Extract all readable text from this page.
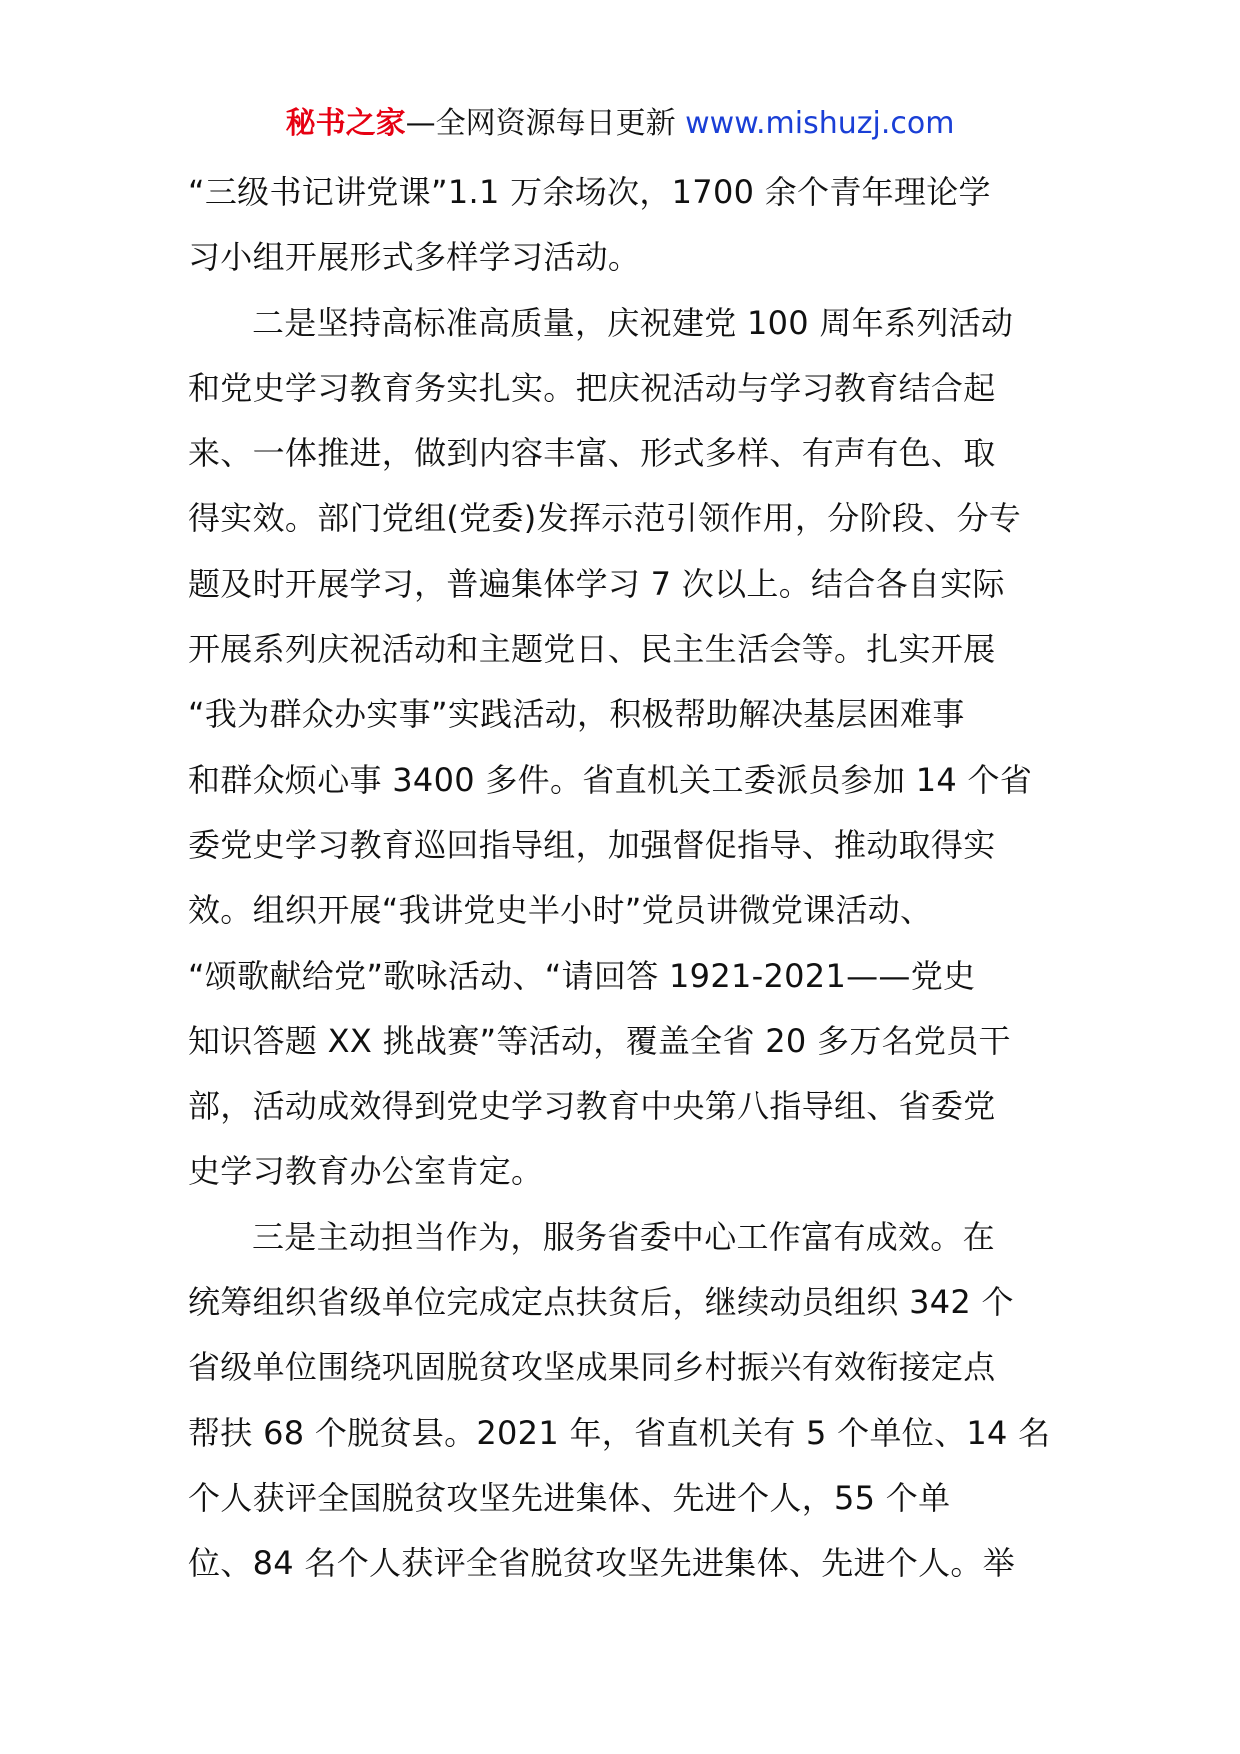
秘书之家—全网资源每日更新 www.mishuzj.com
“三级书记讲党课”1.1 万余场次，1700 余个青年理论学
习小组开展形式多样学习活动。
二是坚持高标准高质量，庆祝建党 100 周年系列活动
和党史学习教育务实扎实。把庆祝活动与学习教育结合起
来、一体推进，做到内容丰富、形式多样、有声有色、取
得实效。部门党组(党委)发挥示范引领作用，分阶段、分专
题及时开展学习，普遍集体学习 7 次以上。结合各自实际
开展系列庆祝活动和主题党日、民主生活会等。扎实开展
“我为群众办实事”实践活动，积极帮助解决基层困难事
和群众烦心事 3400 多件。省直机关工委派员参加 14 个省
委党史学习教育巡回指导组，加强督促指导、推动取得实
效。组织开展“我讲党史半小时”党员讲微党课活动、
“颂歌献给党”歌咏活动、“请回答 1921-2021——党史
知识答题 XX 挑战赛”等活动，覆盖全省 20 多万名党员干
部，活动成效得到党史学习教育中央第八指导组、省委党
史学习教育办公室肯定。
三是主动担当作为，服务省委中心工作富有成效。在
统筹组织省级单位完成定点扶贫后，继续动员组织 342 个
省级单位围绕巩固脱贫攻坚成果同乡村振兴有效衔接定点
帮扶 68 个脱贫县。2021 年，省直机关有 5 个单位、14 名
个人获评全国脱贫攻坚先进集体、先进个人，55 个单
位、84 名个人获评全省脱贫攻坚先进集体、先进个人。举
